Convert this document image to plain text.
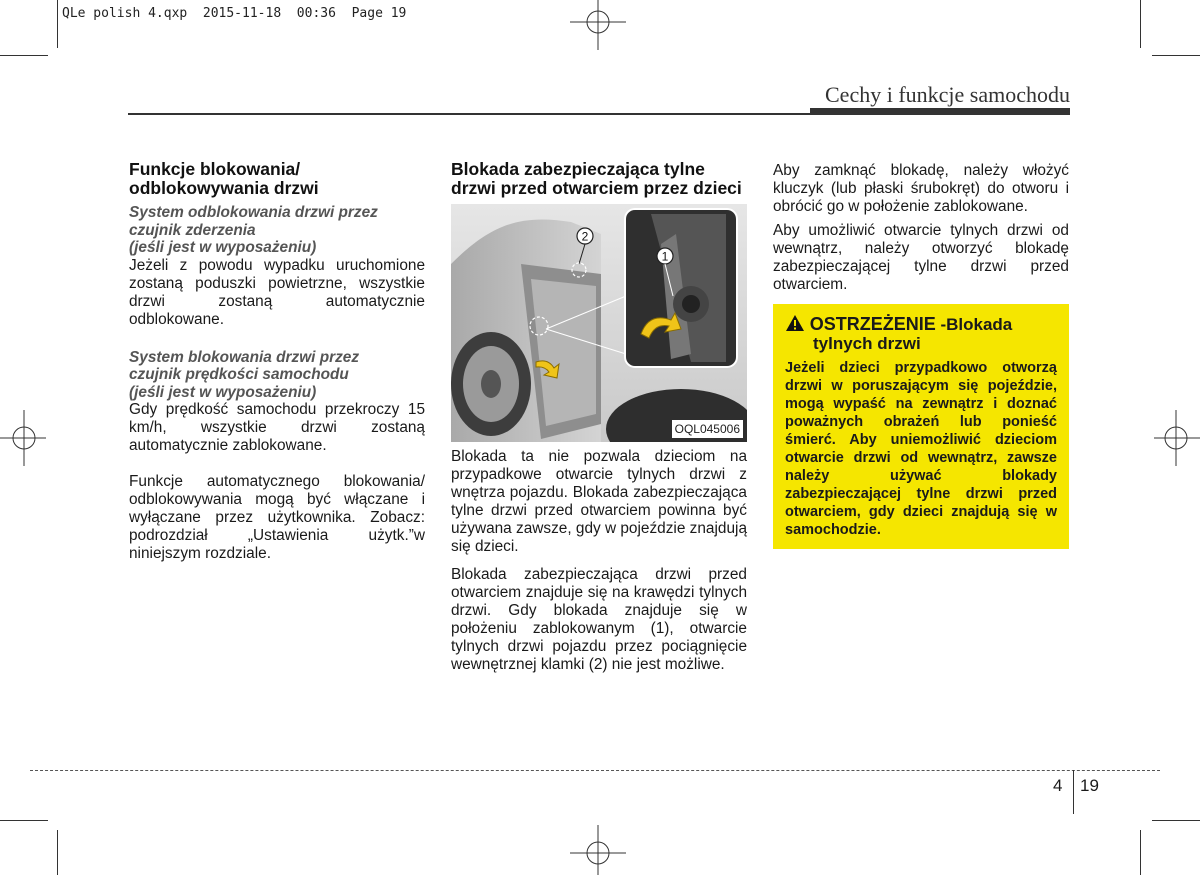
QLe polish 4.qxp  2015-11-18  00:36  Page 19
Cechy i funkcje samochodu
Funkcje blokowania/ odblokowywania drzwi
System odblokowania drzwi przez
czujnik zderzenia
(jeśli jest w wyposażeniu)

Jeżeli z powodu wypadku uruchomione zostaną poduszki powietrzne, wszystkie drzwi zostaną automatycznie odblokowane.

System blokowania drzwi przez
czujnik prędkości samochodu
(jeśli jest w wyposażeniu)

Gdy prędkość samochodu przekroczy 15 km/h, wszystkie drzwi zostaną automatycznie zablokowane.

Funkcje automatycznego blokowania/ odblokowywania mogą być włączane i wyłączane przez użytkownika. Zobacz: podrozdział „Ustawienia użytk.”w niniejszym rozdziale.

Blokada zabezpieczająca tylne drzwi przed otwarciem przez dzieci
2
1
OQL045006

Blokada ta nie pozwala dzieciom na przypadkowe otwarcie tylnych drzwi z wnętrza pojazdu. Blokada zabezpieczająca tylne drzwi przed otwarciem powinna być używana zawsze, gdy w pojeździe znajdują się dzieci.

Blokada zabezpieczająca drzwi przed otwarciem znajduje się na krawędzi tylnych drzwi. Gdy blokada znajduje się w położeniu zablokowanym (1), otwarcie tylnych drzwi pojazdu przez pociągnięcie wewnętrznej klamki (2) nie jest możliwe.

Aby zamknąć blokadę, należy włożyć kluczyk (lub płaski śrubokręt) do otworu i obrócić go w położenie zablokowane.

Aby umożliwić otwarcie tylnych drzwi od wewnątrz, należy otworzyć blokadę zabezpieczającej tylne drzwi przed otwarciem.

OSTRZEŻENIE -Blokada
tylnych drzwi
Jeżeli dzieci przypadkowo otworzą drzwi w poruszającym się pojeździe, mogą wypaść na zewnątrz i doznać poważnych obrażeń lub ponieść śmierć. Aby uniemożliwić dzieciom otwarcie drzwi od wewnątrz, zawsze należy używać blokady zabezpieczającej tylne drzwi przed otwarciem, gdy dzieci znajdują się w samochodzie.
4 19
